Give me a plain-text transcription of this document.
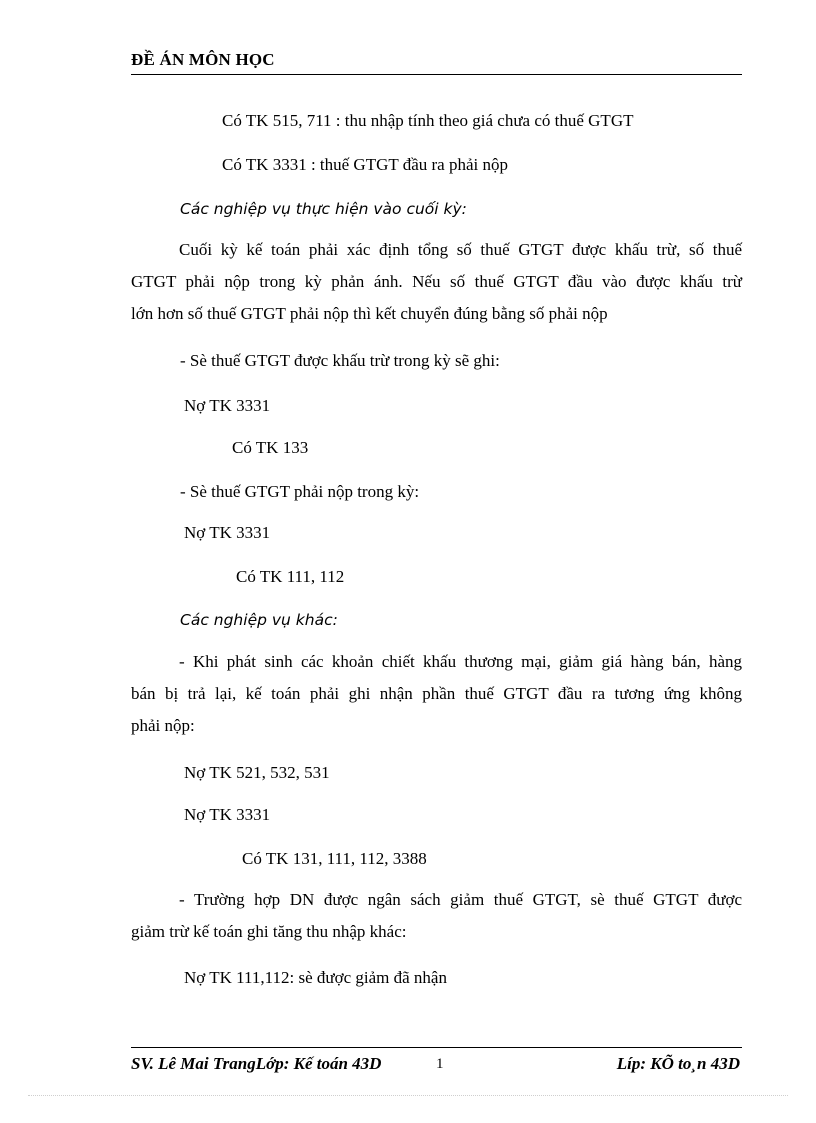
ĐỀ ÁN MÔN HỌC
Có TK 515, 711 : thu nhập tính theo giá chưa có thuế GTGT
Có TK 3331 : thuế GTGT đầu ra phải nộp
Các nghiệp vụ thực hiện vào cuối kỳ:
Cuối kỳ kế toán phải xác định tổng số thuế GTGT được khấu trừ, số thuế
GTGT phải nộp trong kỳ phản ánh. Nếu số thuế GTGT đầu vào được khấu trừ
lớn hơn số thuế GTGT phải nộp thì kết chuyển đúng bằng số phải nộp
- Sè thuế GTGT được khấu trừ trong kỳ sẽ ghi:
Nợ TK 3331
Có TK 133
- Sè thuế GTGT phải nộp trong kỳ:
Nợ TK 3331
Có TK 111, 112
Các nghiệp vụ khác:
- Khi phát sinh các khoản chiết khấu thương mại, giảm giá hàng bán, hàng
bán bị trả lại, kế toán phải ghi nhận phần thuế GTGT đầu ra tương ứng không
phải nộp:
Nợ TK 521, 532, 531
Nợ TK 3331
Có TK 131, 111, 112, 3388
- Trường hợp DN được ngân sách giảm thuế GTGT, sè thuế GTGT được
giảm trừ kế toán ghi tăng thu nhập khác:
Nợ TK 111,112: sè được giảm đã nhận
SV. Lê Mai TrangLớp: Kế toán 43D	1	Líp: KÕ to¸n 43D
